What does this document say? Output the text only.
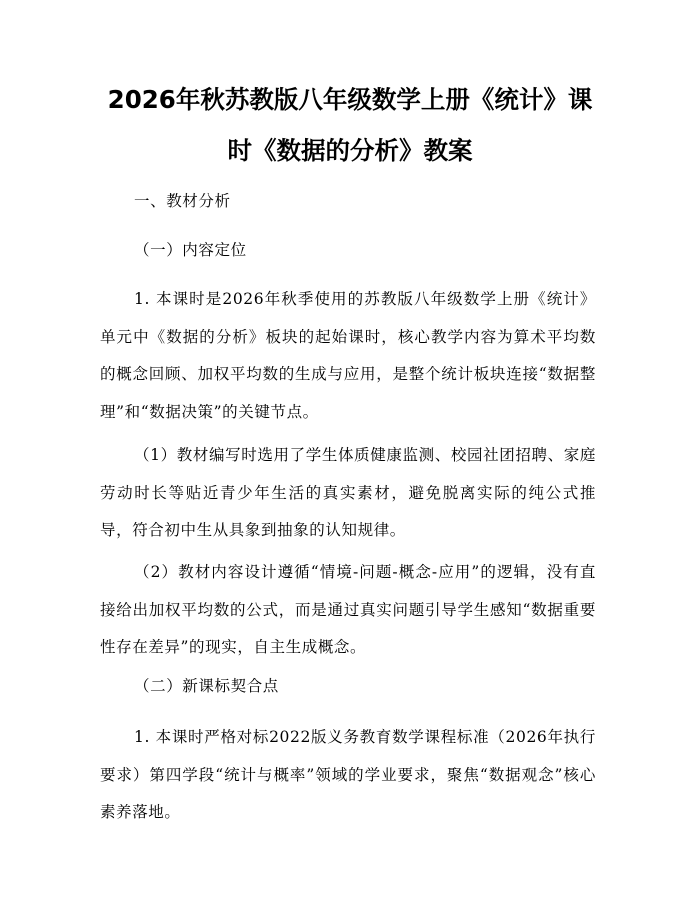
2026年秋苏教版八年级数学上册《统计》课
时《数据的分析》教案
一、教材分析
（一）内容定位
1. 本课时是2026年秋季使用的苏教版八年级数学上册《统计》单元中《数据的分析》板块的起始课时，核心教学内容为算术平均数的概念回顾、加权平均数的生成与应用，是整个统计板块连接“数据整理”和“数据决策”的关键节点。
（1）教材编写时选用了学生体质健康监测、校园社团招聘、家庭劳动时长等贴近青少年生活的真实素材，避免脱离实际的纯公式推导，符合初中生从具象到抽象的认知规律。
（2）教材内容设计遵循“情境-问题-概念-应用”的逻辑，没有直接给出加权平均数的公式，而是通过真实问题引导学生感知“数据重要性存在差异”的现实，自主生成概念。
（二）新课标契合点
1. 本课时严格对标2022版义务教育数学课程标准（2026年执行要求）第四学段“统计与概率”领域的学业要求，聚焦“数据观念”核心素养落地。
